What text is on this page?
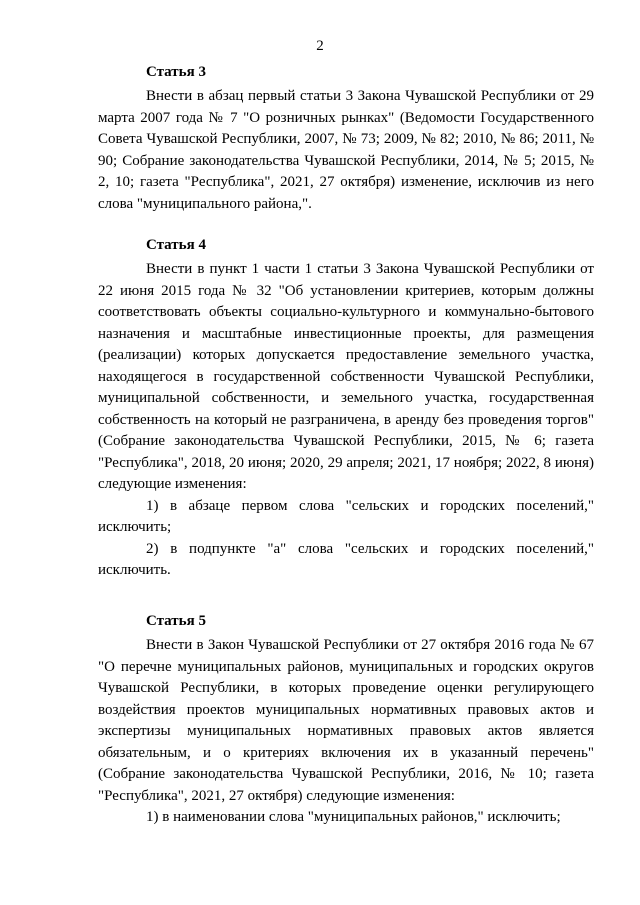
2
Статья 3

Внести в абзац первый статьи 3 Закона Чувашской Республики от 29 марта 2007 года № 7 "О розничных рынках" (Ведомости Государственного Совета Чувашской Республики, 2007, № 73; 2009, № 82; 2010, № 86; 2011, № 90; Собрание законодательства Чувашской Республики, 2014, № 5; 2015, № 2, 10; газета "Республика", 2021, 27 октября) изменение, исключив из него слова "муниципального района,".

Статья 4

Внести в пункт 1 части 1 статьи 3 Закона Чувашской Республики от 22 июня 2015 года № 32 "Об установлении критериев, которым должны соответствовать объекты социально-культурного и коммунально-бытового назначения и масштабные инвестиционные проекты, для размещения (реализации) которых допускается предоставление земельного участка, находящегося в государственной собственности Чувашской Республики, муниципальной собственности, и земельного участка, государственная собственность на который не разграничена, в аренду без проведения торгов" (Собрание законодательства Чувашской Республики, 2015, № 6; газета "Республика", 2018, 20 июня; 2020, 29 апреля; 2021, 17 ноября; 2022, 8 июня) следующие изменения:

1) в абзаце первом слова "сельских и городских поселений," исключить;

2) в подпункте "а" слова "сельских и городских поселений," исключить.

Статья 5

Внести в Закон Чувашской Республики от 27 октября 2016 года № 67 "О перечне муниципальных районов, муниципальных и городских округов Чувашской Республики, в которых проведение оценки регулирующего воздействия проектов муниципальных нормативных правовых актов и экспертизы муниципальных нормативных правовых актов является обязательным, и о критериях включения их в указанный перечень" (Собрание законодательства Чувашской Республики, 2016, № 10; газета "Республика", 2021, 27 октября) следующие изменения:

1) в наименовании слова "муниципальных районов," исключить;
